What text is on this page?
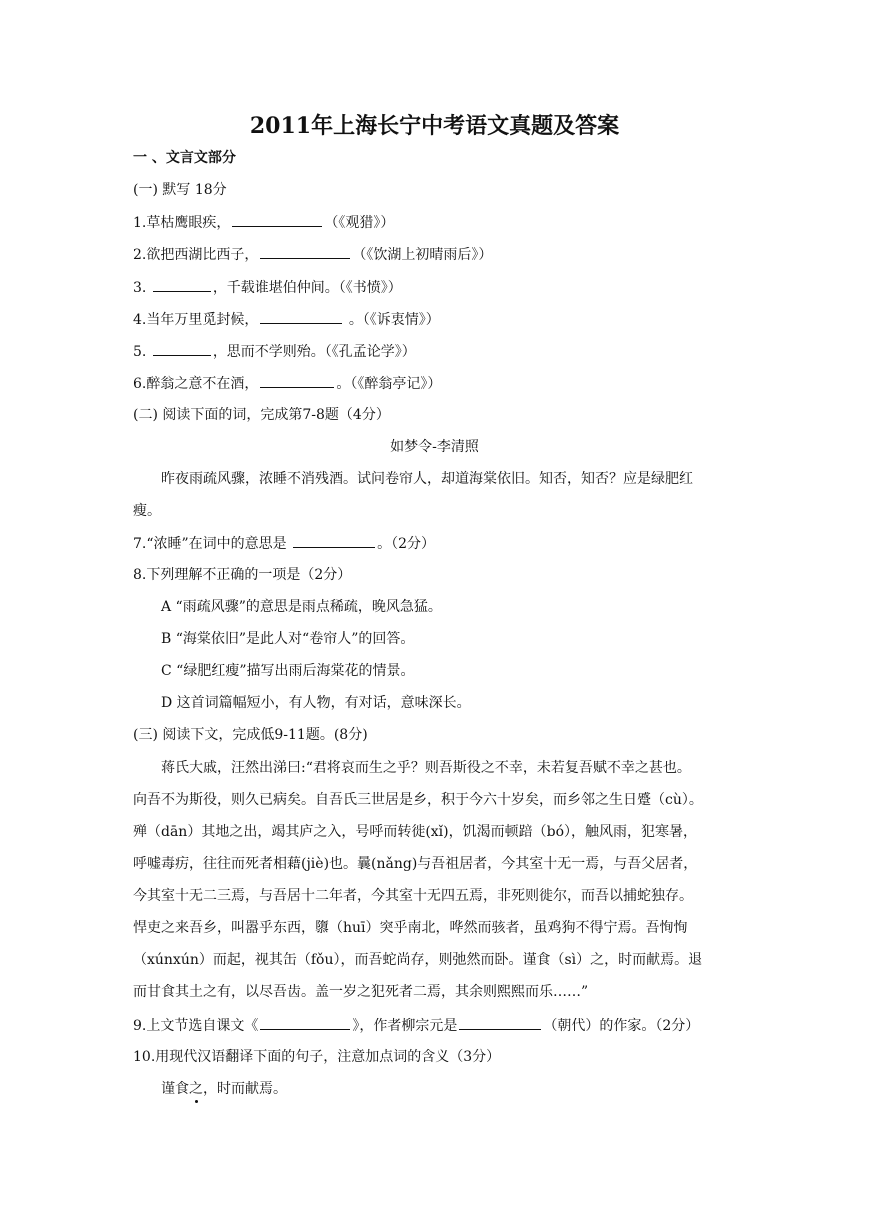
2011年上海长宁中考语文真题及答案
一 、文言文部分
(一) 默写 18分
1.草枯鹰眼疾，	（《观猎》）
2.欲把西湖比西子，	（《饮湖上初晴雨后》）
3.	，千载谁堪伯仲间。（《书愤》）
4.当年万里觅封候，	。（《诉衷情》）
5.	，思而不学则殆。（《孔孟论学》）
6.醉翁之意不在酒，	。（《醉翁亭记》）
(二) 阅读下面的词，完成第7-8题（4分）
如梦令-李清照
昨夜雨疏风骤，浓睡不消残酒。试问卷帘人，却道海棠依旧。知否，知否？应是绿肥红
瘦。
7.“浓睡”在词中的意思是	。（2分）
8.下列理解不正确的一项是（2分）
A “雨疏风骤”的意思是雨点稀疏，晚风急猛。
B “海棠依旧”是此人对“卷帘人”的回答。
C “绿肥红瘦”描写出雨后海棠花的情景。
D 这首词篇幅短小，有人物，有对话，意味深长。
(三) 阅读下文，完成低9-11题。(8分)
蒋氏大戚，汪然出涕曰:“君将哀而生之乎？则吾斯役之不幸，未若复吾赋不幸之甚也。
向吾不为斯役，则久已病矣。自吾氏三世居是乡，积于今六十岁矣，而乡邻之生日蹙（cù）。
殚（dān）其地之出，竭其庐之入，号呼而转徙(xǐ)，饥渴而顿踣（bó），触风雨，犯寒暑，
呼嘘毒疠，往往而死者相藉(jiè)也。曩(nǎng)与吾祖居者，今其室十无一焉，与吾父居者，
今其室十无二三焉，与吾居十二年者，今其室十无四五焉，非死则徙尔，而吾以捕蛇独存。
悍吏之来吾乡，叫嚣乎东西，隳（huī）突乎南北，哗然而骇者，虽鸡狗不得宁焉。吾恂恂
（xúnxún）而起，视其缶（fǒu），而吾蛇尚存，则弛然而卧。谨食（sì）之，时而献焉。退
而甘食其土之有，以尽吾齿。盖一岁之犯死者二焉，其余则熙熙而乐……”
9.上文节选自课文《	》，作者柳宗元是	（朝代）的作家。（2分）
10.用现代汉语翻译下面的句子，注意加点词的含义（3分）
谨食之，时而献焉。
